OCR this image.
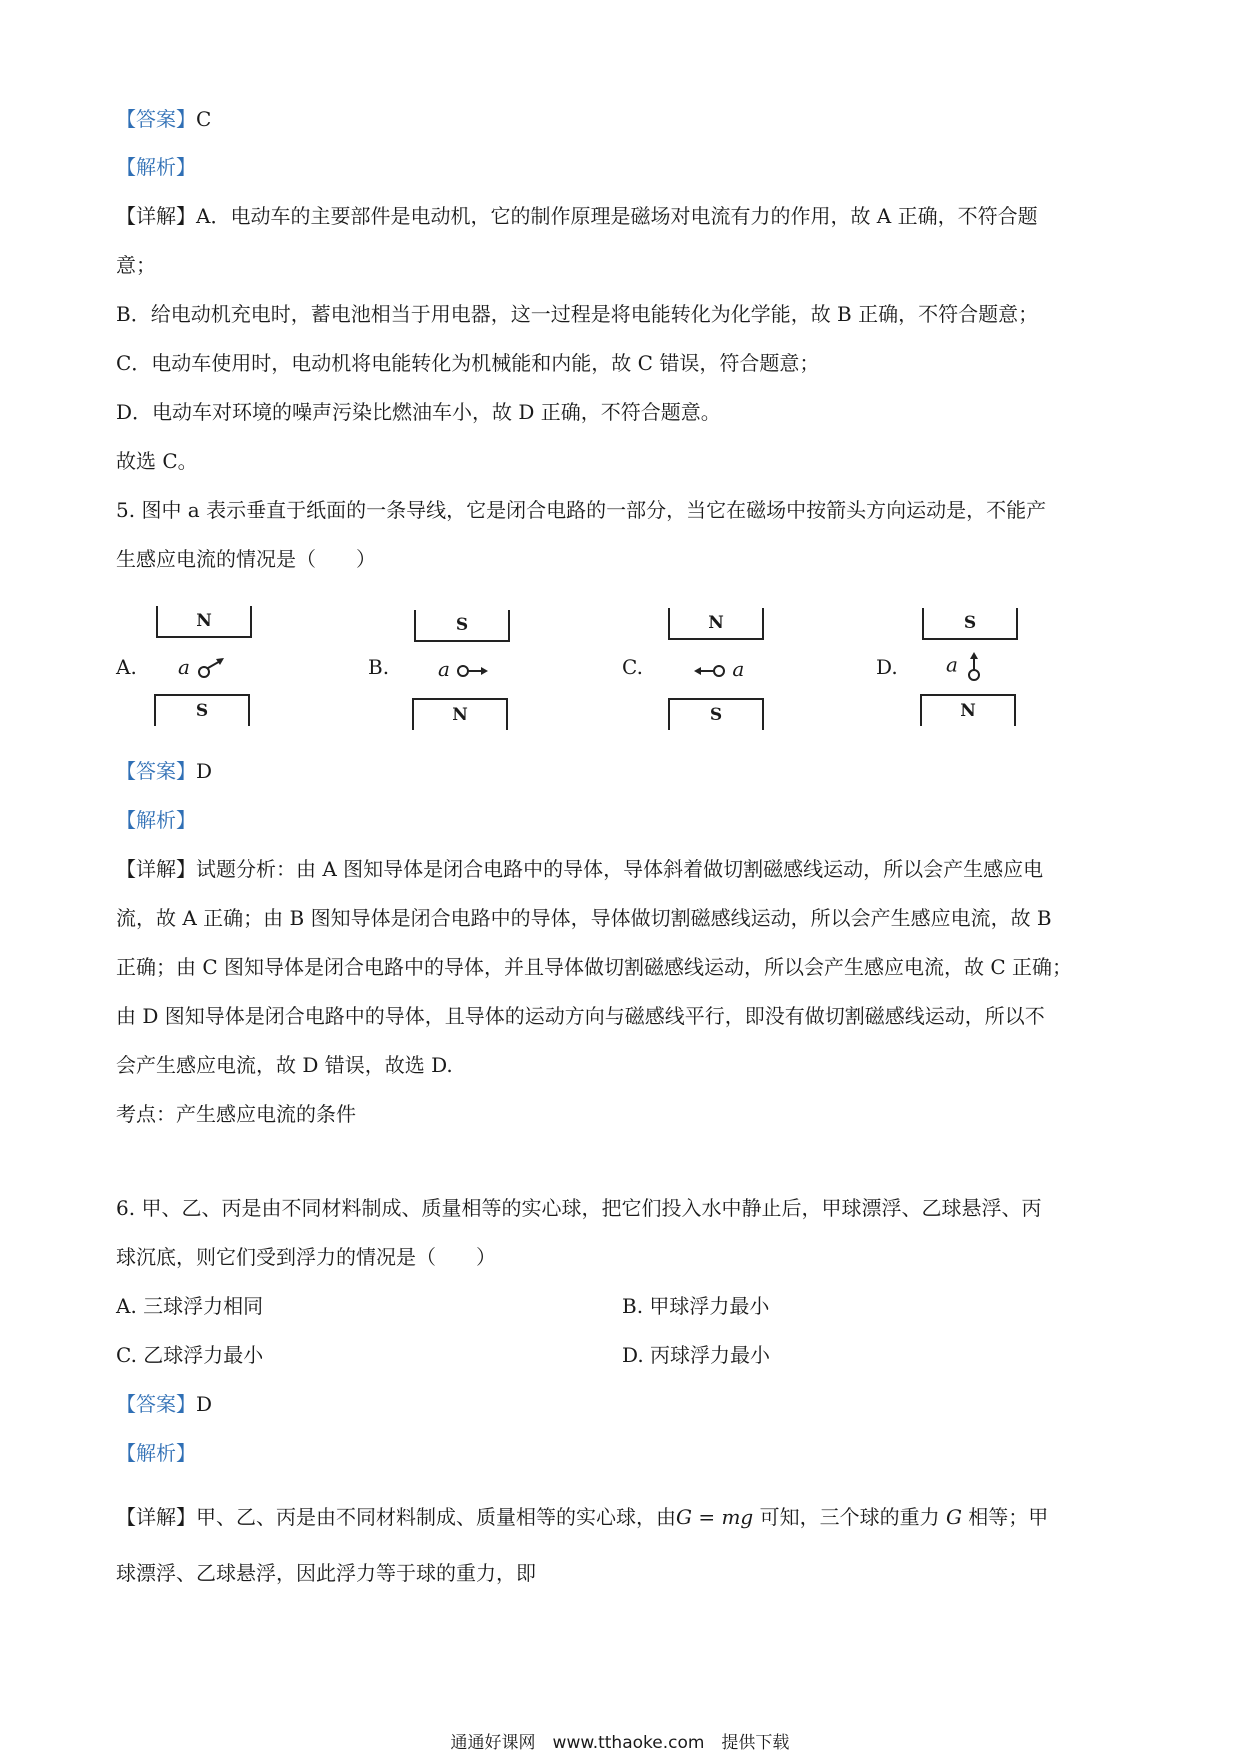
【答案】C
【解析】
【详解】A．电动车的主要部件是电动机，它的制作原理是磁场对电流有力的作用，故 A 正确，不符合题
意；
B．给电动机充电时，蓄电池相当于用电器，这一过程是将电能转化为化学能，故 B 正确，不符合题意；
C．电动车使用时，电动机将电能转化为机械能和内能，故 C 错误，符合题意；
D．电动车对环境的噪声污染比燃油车小，故 D 正确，不符合题意。
故选 C。
5. 图中 a 表示垂直于纸面的一条导线，它是闭合电路的一部分，当它在磁场中按箭头方向运动是，不能产
生感应电流的情况是（　　）
A.
N
a
S
B.
S
a
N
C.
N
a
S
D.
S
a
N
【答案】D
【解析】
【详解】试题分析：由 A 图知导体是闭合电路中的导体，导体斜着做切割磁感线运动，所以会产生感应电
流，故 A 正确；由 B 图知导体是闭合电路中的导体，导体做切割磁感线运动，所以会产生感应电流，故 B
正确；由 C 图知导体是闭合电路中的导体，并且导体做切割磁感线运动，所以会产生感应电流，故 C 正确；
由 D 图知导体是闭合电路中的导体，且导体的运动方向与磁感线平行，即没有做切割磁感线运动，所以不
会产生感应电流，故 D 错误，故选 D.
考点：产生感应电流的条件
6. 甲、乙、丙是由不同材料制成、质量相等的实心球，把它们投入水中静止后，甲球漂浮、乙球悬浮、丙
球沉底，则它们受到浮力的情况是（　　）
A. 三球浮力相同	B. 甲球浮力最小
C. 乙球浮力最小	D. 丙球浮力最小
【答案】D
【解析】
【详解】甲、乙、丙是由不同材料制成、质量相等的实心球，由G = mg 可知，三个球的重力 G 相等；甲
球漂浮、乙球悬浮，因此浮力等于球的重力，即
通通好课网　www.tthaoke.com　提供下载
